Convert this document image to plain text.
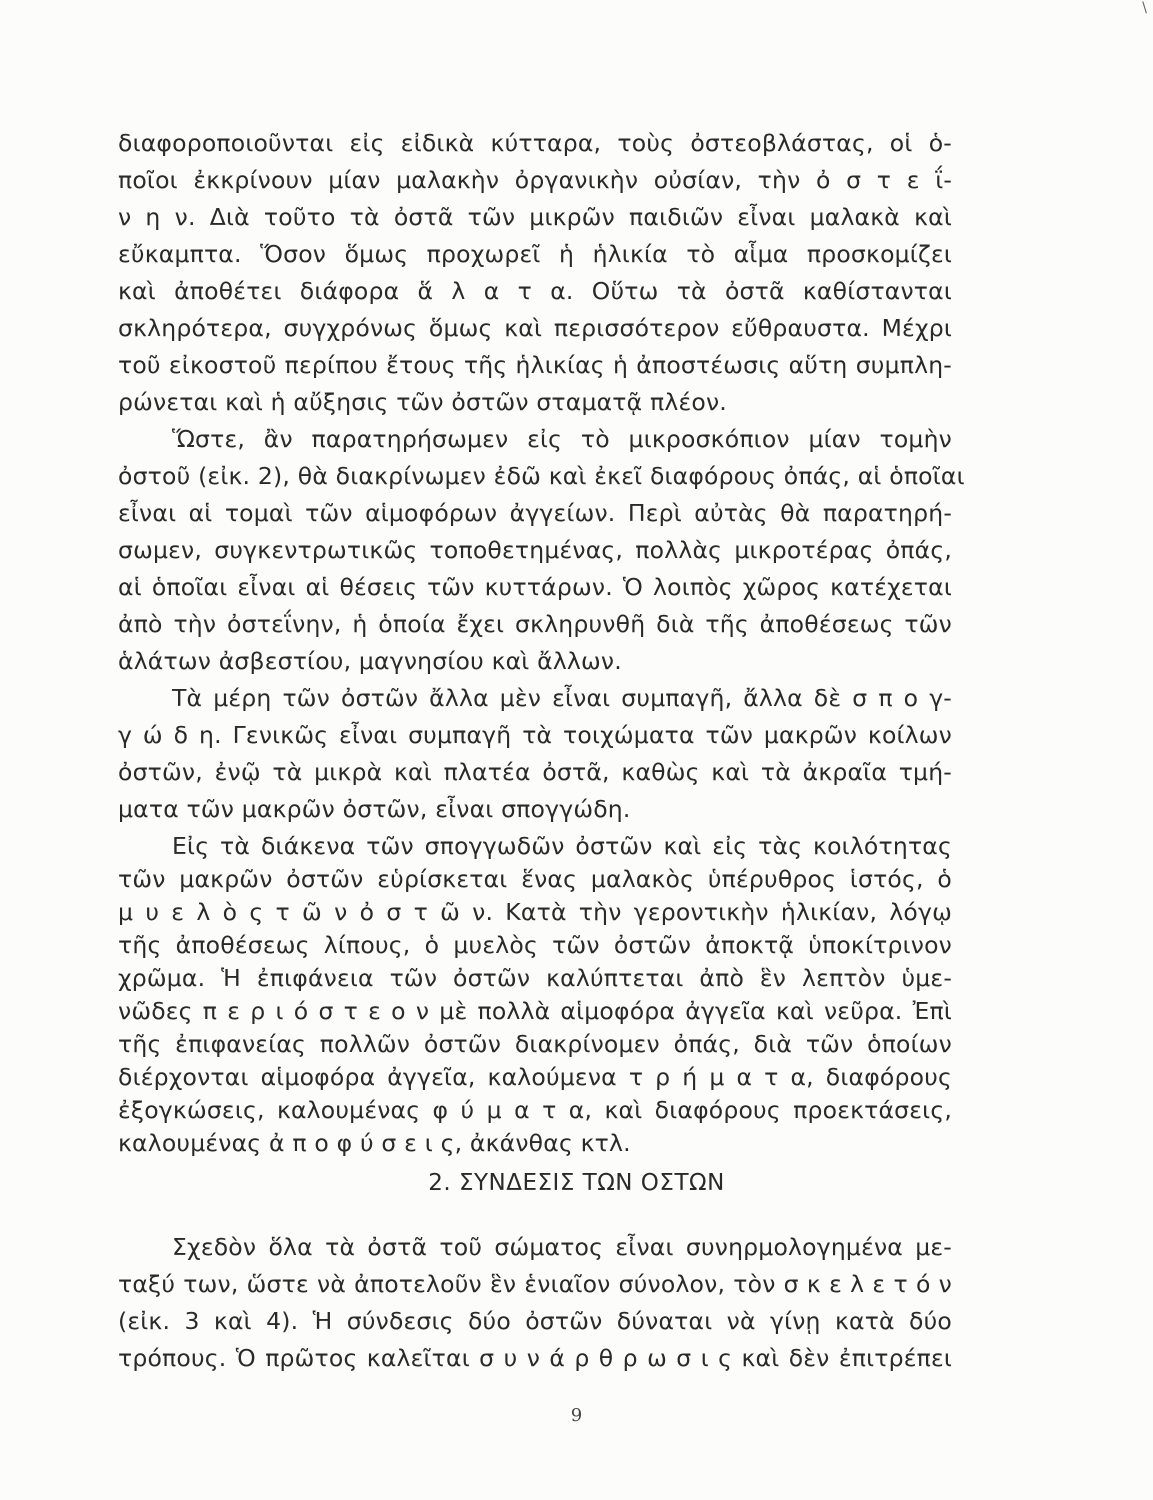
\
διαφοροποιοῦνται εἰς εἰδικὰ κύτταρα, τοὺς ὀστεοβλάστας, οἱ ὁ-
ποῖοι ἐκκρίνουν μίαν μαλακὴν ὀργανικὴν οὐσίαν, τὴν ὀ σ τ ε ΐ-
ν η ν. Διὰ τοῦτο τὰ ὀστᾶ τῶν μικρῶν παιδιῶν εἶναι μαλακὰ καὶ
εὔκαμπτα. Ὅσον ὅμως προχωρεῖ ἡ ἡλικία τὸ αἷμα προσκομίζει
καὶ ἀποθέτει διάφορα ἅ λ α τ α. Οὕτω τὰ ὀστᾶ καθίστανται
σκληρότερα, συγχρόνως ὅμως καὶ περισσότερον εὔθραυστα. Μέχρι
τοῦ εἰκοστοῦ περίπου ἔτους τῆς ἡλικίας ἡ ἀποστέωσις αὕτη συμπλη-
ρώνεται καὶ ἡ αὔξησις τῶν ὀστῶν σταματᾷ πλέον.
Ὥστε, ἂν παρατηρήσωμεν εἰς τὸ μικροσκόπιον μίαν τομὴν
ὀστοῦ (εἰκ. 2), θὰ διακρίνωμεν ἐδῶ καὶ ἐκεῖ διαφόρους ὀπάς, αἱ ὁποῖαι
εἶναι αἱ τομαὶ τῶν αἱμοφόρων ἀγγείων. Περὶ αὐτὰς θὰ παρατηρή-
σωμεν, συγκεντρωτικῶς τοποθετημένας, πολλὰς μικροτέρας ὀπάς,
αἱ ὁποῖαι εἶναι αἱ θέσεις τῶν κυττάρων. Ὁ λοιπὸς χῶρος κατέχεται
ἀπὸ τὴν ὀστεΐνην, ἡ ὁποία ἔχει σκληρυνθῆ διὰ τῆς ἀποθέσεως τῶν
ἁλάτων ἀσβεστίου, μαγνησίου καὶ ἄλλων.
Τὰ μέρη τῶν ὀστῶν ἄλλα μὲν εἶναι συμπαγῆ, ἄλλα δὲ σ π ο γ-
γ ώ δ η. Γενικῶς εἶναι συμπαγῆ τὰ τοιχώματα τῶν μακρῶν κοίλων
ὀστῶν, ἐνῷ τὰ μικρὰ καὶ πλατέα ὀστᾶ, καθὼς καὶ τὰ ἀκραῖα τμή-
ματα τῶν μακρῶν ὀστῶν, εἶναι σπογγώδη.
Εἰς τὰ διάκενα τῶν σπογγωδῶν ὀστῶν καὶ εἰς τὰς κοιλότητας
τῶν μακρῶν ὀστῶν εὑρίσκεται ἕνας μαλακὸς ὑπέρυθρος ἱστός, ὁ
μ υ ε λ ὸ ς τ ῶ ν ὀ σ τ ῶ ν. Κατὰ τὴν γεροντικὴν ἡλικίαν, λόγῳ
τῆς ἀποθέσεως λίπους, ὁ μυελὸς τῶν ὀστῶν ἀποκτᾷ ὑποκίτρινον
χρῶμα. Ἡ ἐπιφάνεια τῶν ὀστῶν καλύπτεται ἀπὸ ἓν λεπτὸν ὑμε-
νῶδες π ε ρ ι ό σ τ ε ο ν μὲ πολλὰ αἱμοφόρα ἀγγεῖα καὶ νεῦρα. Ἐπὶ
τῆς ἐπιφανείας πολλῶν ὀστῶν διακρίνομεν ὀπάς, διὰ τῶν ὁποίων
διέρχονται αἱμοφόρα ἀγγεῖα, καλούμενα τ ρ ή μ α τ α, διαφόρους
ἐξογκώσεις, καλουμένας φ ύ μ α τ α, καὶ διαφόρους προεκτάσεις,
2. ΣΥΝΔΕΣΙΣ ΤΩΝ ΟΣΤΩΝ
Σχεδὸν ὅλα τὰ ὀστᾶ τοῦ σώματος εἶναι συνηρμολογημένα με-
ταξύ των, ὥστε νὰ ἀποτελοῦν ἓν ἑνιαῖον σύνολον, τὸν σ κ ε λ ε τ ό ν
(εἰκ. 3 καὶ 4). Ἡ σύνδεσις δύο ὀστῶν δύναται νὰ γίνῃ κατὰ δύο
τρόπους. Ὁ πρῶτος καλεῖται σ υ ν ά ρ θ ρ ω σ ι ς καὶ δὲν ἐπιτρέπει
9
καλουμένας ἀ π ο φ ύ σ ε ι ς, ἀκάνθας κτλ.
